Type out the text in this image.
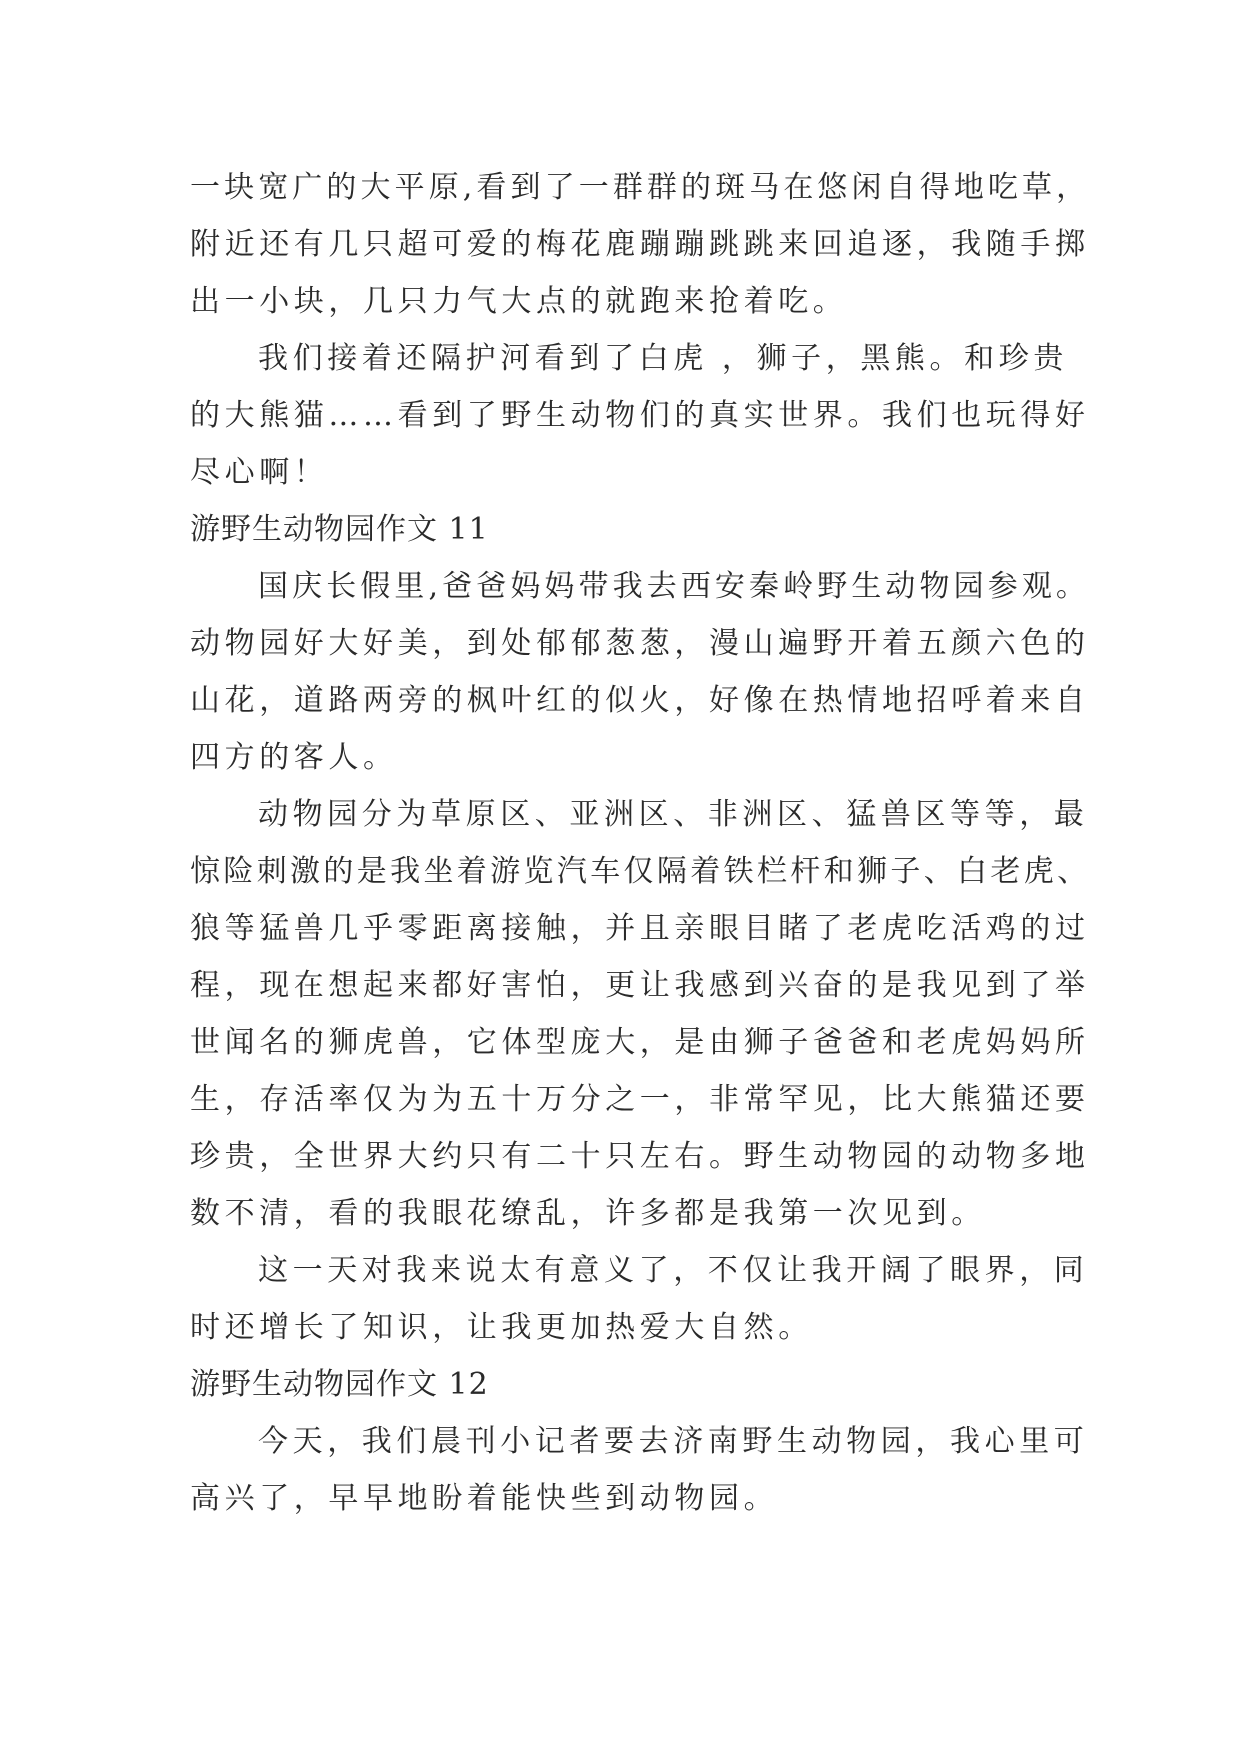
一块宽广的大平原,看到了一群群的斑马在悠闲自得地吃草，
附近还有几只超可爱的梅花鹿蹦蹦跳跳来回追逐，我随手掷
出一小块，几只力气大点的就跑来抢着吃。
我们接着还隔护河看到了白虎 ，狮子，黑熊。和珍贵
的大熊猫……看到了野生动物们的真实世界。我们也玩得好
尽心啊！
游野生动物园作文 11
国庆长假里,爸爸妈妈带我去西安秦岭野生动物园参观。
动物园好大好美，到处郁郁葱葱，漫山遍野开着五颜六色的
山花，道路两旁的枫叶红的似火，好像在热情地招呼着来自
四方的客人。
动物园分为草原区、亚洲区、非洲区、猛兽区等等，最
惊险刺激的是我坐着游览汽车仅隔着铁栏杆和狮子、白老虎、
狼等猛兽几乎零距离接触，并且亲眼目睹了老虎吃活鸡的过
程，现在想起来都好害怕，更让我感到兴奋的是我见到了举
世闻名的狮虎兽，它体型庞大，是由狮子爸爸和老虎妈妈所
生，存活率仅为为五十万分之一，非常罕见，比大熊猫还要
珍贵，全世界大约只有二十只左右。野生动物园的动物多地
数不清，看的我眼花缭乱，许多都是我第一次见到。
这一天对我来说太有意义了，不仅让我开阔了眼界，同
时还增长了知识，让我更加热爱大自然。
游野生动物园作文 12
今天，我们晨刊小记者要去济南野生动物园，我心里可
高兴了，早早地盼着能快些到动物园。
